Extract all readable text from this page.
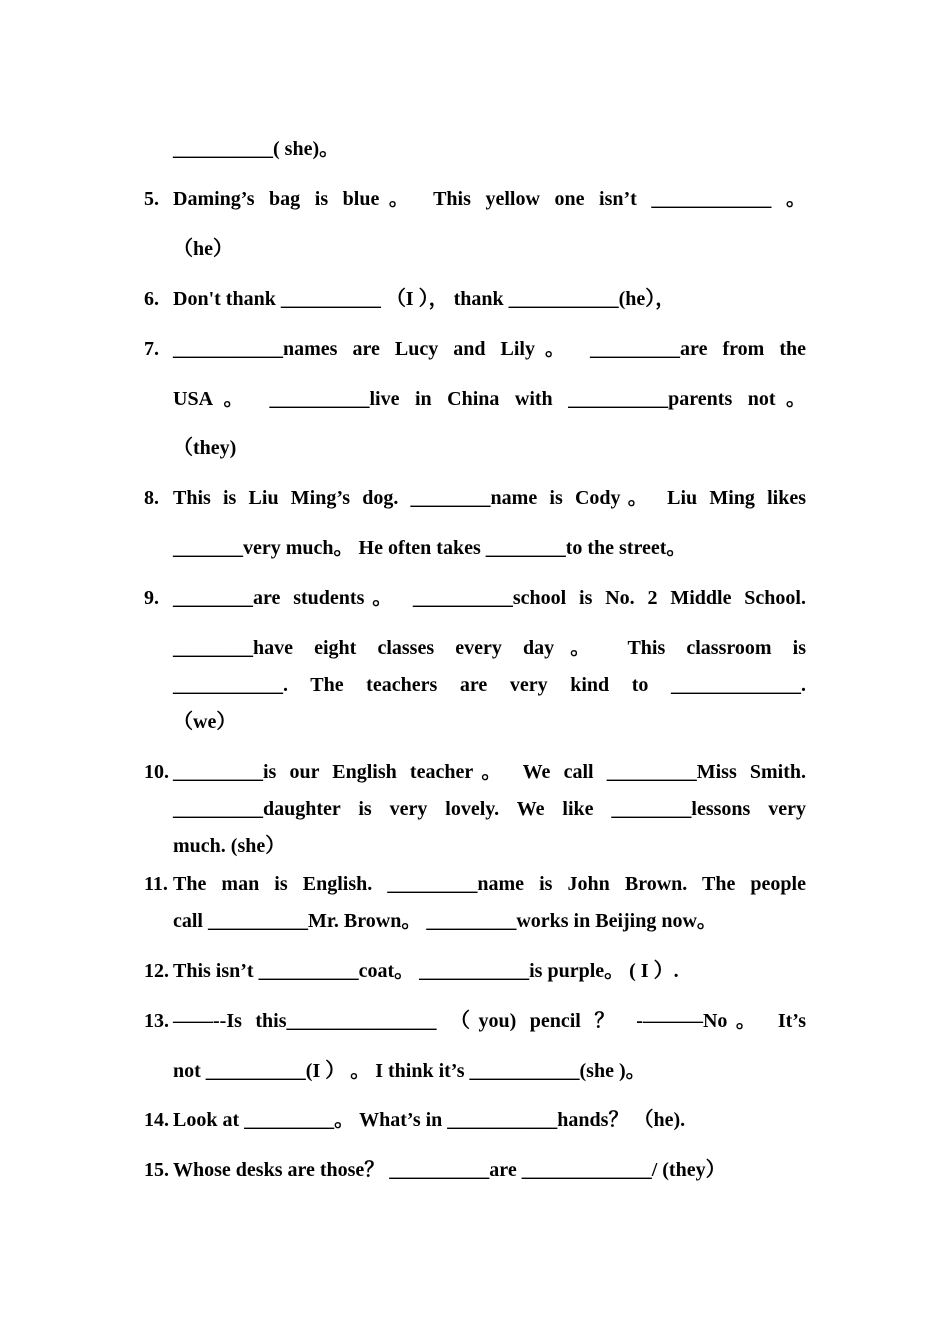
__________( she)。
5. Daming’s bag is blue。 This yellow one isn’t ____________ 。
（he）
6. Don't thank __________ （I ）， thank ___________(he），
7. ___________names are Lucy and Lily。 _________are from the
USA。 __________live in China with __________parents not。
（they)
8. This is Liu Ming’s dog. ________name is Cody。 Liu Ming likes
_______very much。 He often takes ________to the street。
9. ________are students。 __________school is No. 2 Middle School.
________have eight classes every day。 This classroom is
___________. The teachers are very kind to _____________.
（we）
10. _________is our English teacher。 We call _________Miss Smith.
_________daughter is very lovely. We like ________lessons very
much. (she）
11. The man is English. _________name is John Brown. The people
call __________Mr. Brown。 _________works in Beijing now。
12. This isn’t __________coat。 ___________is purple。 ( I ）.
13. ——--Is this_______________ （you) pencil ？ -———No。 It’s
not __________(I ） 。 I think it’s ___________(she )。
14. Look at _________。 What’s in ___________hands？ （he).
15. Whose desks are those？ __________are _____________/ (they）
